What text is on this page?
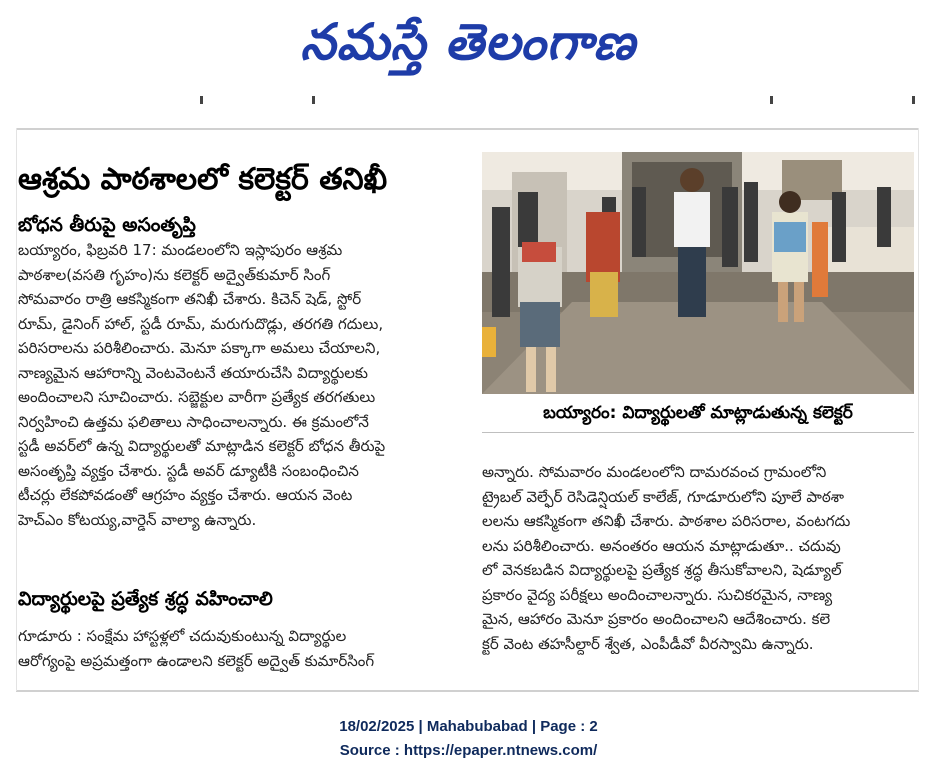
నమస్తే తెలంగాణ
ఆశ్రమ పాఠశాలలో కలెక్టర్ తనిఖీ
బోధన తీరుపై అసంతృప్తి

బయ్యారం, ఫిబ్రవరి 17: మండలంలోని ఇస్లాపురం ఆశ్రమ

పాఠశాల(వసతి గృహం)ను కలెక్టర్ అద్వైత్‌కుమార్ సింగ్

సోమవారం రాత్రి ఆకస్మికంగా తనిఖీ చేశారు. కిచెన్ షెడ్, స్టోర్

రూమ్, డైనింగ్ హాల్, స్టడీ రూమ్, మరుగుదొడ్లు, తరగతి గదులు,

పరిసరాలను పరిశీలించారు. మెనూ పక్కాగా అమలు చేయాలని,

నాణ్యమైన ఆహారాన్ని వెంటవెంటనే తయారుచేసి విద్యార్థులకు

అందించాలని సూచించారు. సబ్జెక్టుల వారీగా ప్రత్యేక తరగతులు

నిర్వహించి ఉత్తమ ఫలితాలు సాధించాలన్నారు. ఈ క్రమంలోనే

స్టడీ అవర్‌లో ఉన్న విద్యార్థులతో మాట్లాడిన కలెక్టర్ బోధన తీరుపై

అసంతృప్తి వ్యక్తం చేశారు. స్టడీ అవర్ డ్యూటీకి సంబంధించిన

టీచర్లు లేకపోవడంతో ఆగ్రహం వ్యక్తం చేశారు. ఆయన వెంట

హెచ్‌ఎం కోటయ్య,వార్డెన్ వాల్యా ఉన్నారు.

విద్యార్థులపై ప్రత్యేక శ్రద్ధ వహించాలి

గూడూరు : సంక్షేమ హాస్టళ్లలో చదువుకుంటున్న విద్యార్థుల

ఆరోగ్యంపై అప్రమత్తంగా ఉండాలని కలెక్టర్ అద్వైత్ కుమార్‌సింగ్

బయ్యారం: విద్యార్థులతో మాట్లాడుతున్న కలెక్టర్

అన్నారు. సోమవారం మండలంలోని దామరవంచ గ్రామంలోని

ట్రైబల్ వెల్ఫేర్ రెసిడెన్షియల్ కాలేజ్, గూడూరులోని పూలే పాఠశా

లలను ఆకస్మికంగా తనిఖీ చేశారు. పాఠశాల పరిసరాల, వంటగదు

లను పరిశీలించారు. అనంతరం ఆయన మాట్లాడుతూ.. చదువు

లో వెనకబడిన విద్యార్థులపై ప్రత్యేక శ్రద్ధ తీసుకోవాలని, షెడ్యూల్

ప్రకారం వైద్య పరీక్షలు అందించాలన్నారు. సుచికరమైన, నాణ్య

మైన, ఆహారం మెనూ ప్రకారం అందించాలని ఆదేశించారు. కలె

క్టర్ వెంట తహసీల్దార్ శ్వేత, ఎంపీడీవో వీరస్వామి ఉన్నారు.

18/02/2025 | Mahabubabad | Page : 2
Source : https://epaper.ntnews.com/
